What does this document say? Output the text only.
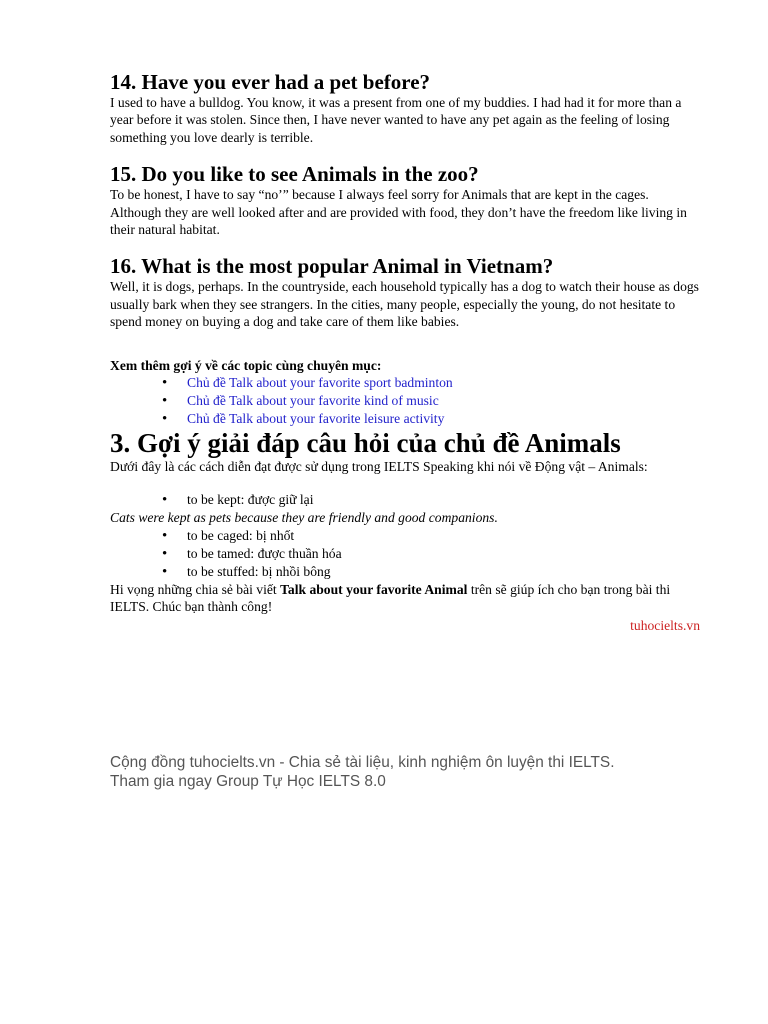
14. Have you ever had a pet before?

I used to have a bulldog. You know, it was a present from one of my buddies. I had had it for more than a year before it was stolen. Since then, I have never wanted to have any pet again as the feeling of losing something you love dearly is terrible.

15. Do you like to see Animals in the zoo?

To be honest, I have to say “no’” because I always feel sorry for Animals that are kept in the cages. Although they are well looked after and are provided with food, they don’t have the freedom like living in their natural habitat.

16. What is the most popular Animal in Vietnam?

Well, it is dogs, perhaps. In the countryside, each household typically has a dog to watch their house as dogs usually bark when they see strangers. In the cities, many people, especially the young, do not hesitate to spend money on buying a dog and take care of them like babies.

Xem thêm gợi ý về các topic cùng chuyên mục:
• Chủ đề Talk about your favorite sport badminton
• Chủ đề Talk about your favorite kind of music
• Chủ đề Talk about your favorite leisure activity
3. Gợi ý giải đáp câu hỏi của chủ đề Animals

Dưới đây là các cách diễn đạt được sử dụng trong IELTS Speaking khi nói về Động vật – Animals:

• to be kept: được giữ lại

Cats were kept as pets because they are friendly and good companions.

• to be caged: bị nhốt
• to be tamed: được thuần hóa
• to be stuffed: bị nhồi bông

Hi vọng những chia sẻ bài viết Talk about your favorite Animal trên sẽ giúp ích cho bạn trong bài thi IELTS. Chúc bạn thành công!

tuhocielts.vn
Cộng đồng tuhocielts.vn - Chia sẻ tài liệu, kinh nghiệm ôn luyện thi IELTS.
Tham gia ngay Group Tự Học IELTS 8.0
